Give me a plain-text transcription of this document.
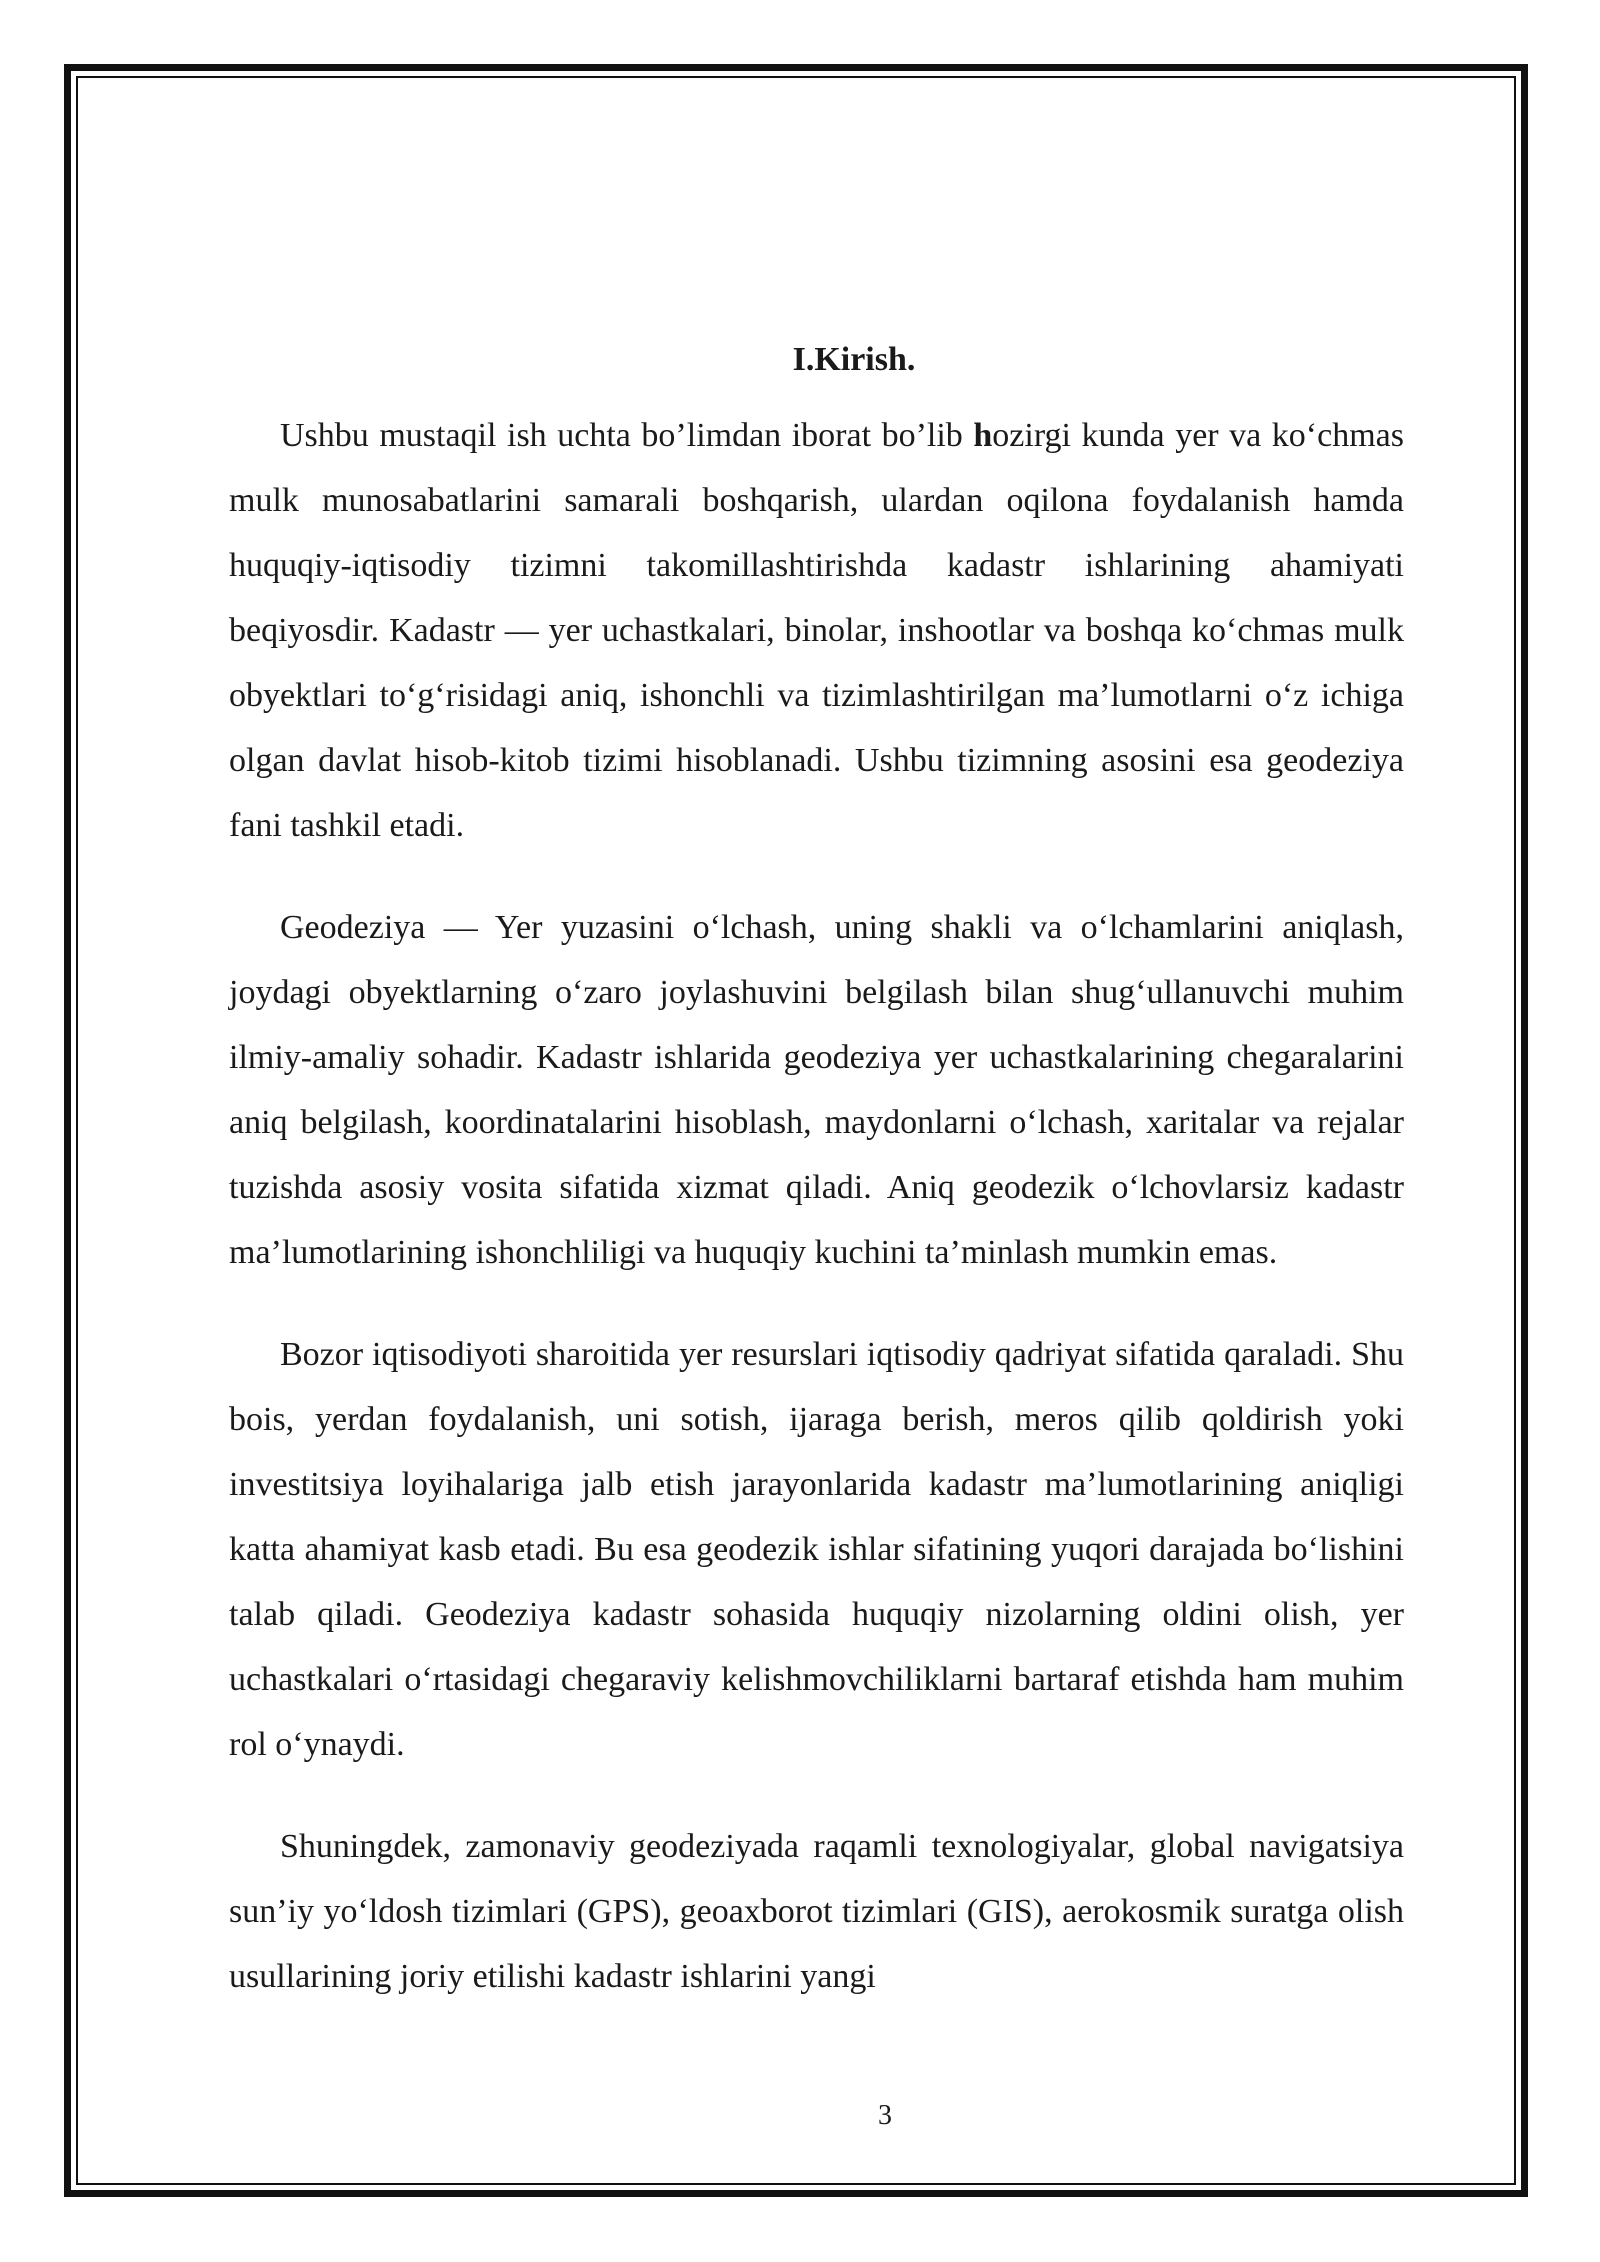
I.Kirish.

Ushbu mustaqil ish uchta bo’limdan iborat bo’lib hozirgi kunda yer va ko‘chmas mulk munosabatlarini samarali boshqarish, ulardan oqilona foydalanish hamda huquqiy-iqtisodiy tizimni takomillashtirishda kadastr ishlarining ahamiyati beqiyosdir. Kadastr — yer uchastkalari, binolar, inshootlar va boshqa ko‘chmas mulk obyektlari to‘g‘risidagi aniq, ishonchli va tizimlashtirilgan ma’lumotlarni o‘z ichiga olgan davlat hisob-kitob tizimi hisoblanadi. Ushbu tizimning asosini esa geodeziya fani tashkil etadi.

Geodeziya — Yer yuzasini o‘lchash, uning shakli va o‘lchamlarini aniqlash, joydagi obyektlarning o‘zaro joylashuvini belgilash bilan shug‘ullanuvchi muhim ilmiy-amaliy sohadir. Kadastr ishlarida geodeziya yer uchastkalarining chegaralarini aniq belgilash, koordinatalarini hisoblash, maydonlarni o‘lchash, xaritalar va rejalar tuzishda asosiy vosita sifatida xizmat qiladi. Aniq geodezik o‘lchovlarsiz kadastr ma’lumotlarining ishonchliligi va huquqiy kuchini ta’minlash mumkin emas.

Bozor iqtisodiyoti sharoitida yer resurslari iqtisodiy qadriyat sifatida qaraladi. Shu bois, yerdan foydalanish, uni sotish, ijaraga berish, meros qilib qoldirish yoki investitsiya loyihalariga jalb etish jarayonlarida kadastr ma’lumotlarining aniqligi katta ahamiyat kasb etadi. Bu esa geodezik ishlar sifatining yuqori darajada bo‘lishini talab qiladi. Geodeziya kadastr sohasida huquqiy nizolarning oldini olish, yer uchastkalari o‘rtasidagi chegaraviy kelishmovchiliklarni bartaraf etishda ham muhim rol o‘ynaydi.

Shuningdek, zamonaviy geodeziyada raqamli texnologiyalar, global navigatsiya sun’iy yo‘ldosh tizimlari (GPS), geoaxborot tizimlari (GIS), aerokosmik suratga olish usullarining joriy etilishi kadastr ishlarini yangi

3
